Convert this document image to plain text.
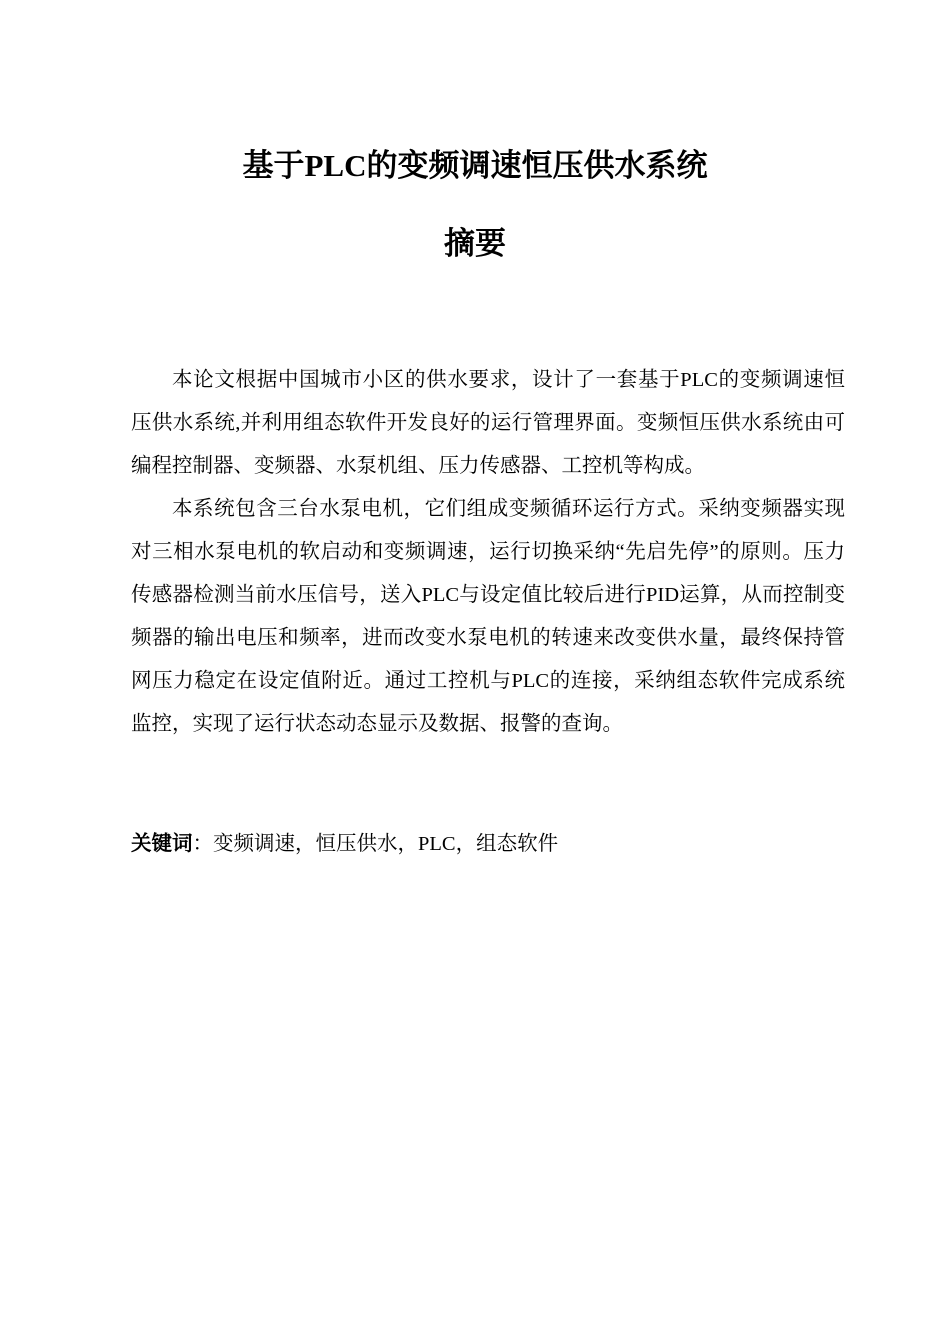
基于PLC的变频调速恒压供水系统
摘要

本论文根据中国城市小区的供水要求，设计了一套基于PLC的变频调速恒压供水系统,并利用组态软件开发良好的运行管理界面。变频恒压供水系统由可编程控制器、变频器、水泵机组、压力传感器、工控机等构成。

本系统包含三台水泵电机，它们组成变频循环运行方式。采纳变频器实现对三相水泵电机的软启动和变频调速，运行切换采纳“先启先停”的原则。压力传感器检测当前水压信号，送入PLC与设定值比较后进行PID运算，从而控制变频器的输出电压和频率，进而改变水泵电机的转速来改变供水量，最终保持管网压力稳定在设定值附近。通过工控机与PLC的连接，采纳组态软件完成系统监控，实现了运行状态动态显示及数据、报警的查询。

关键词：变频调速，恒压供水，PLC，组态软件
